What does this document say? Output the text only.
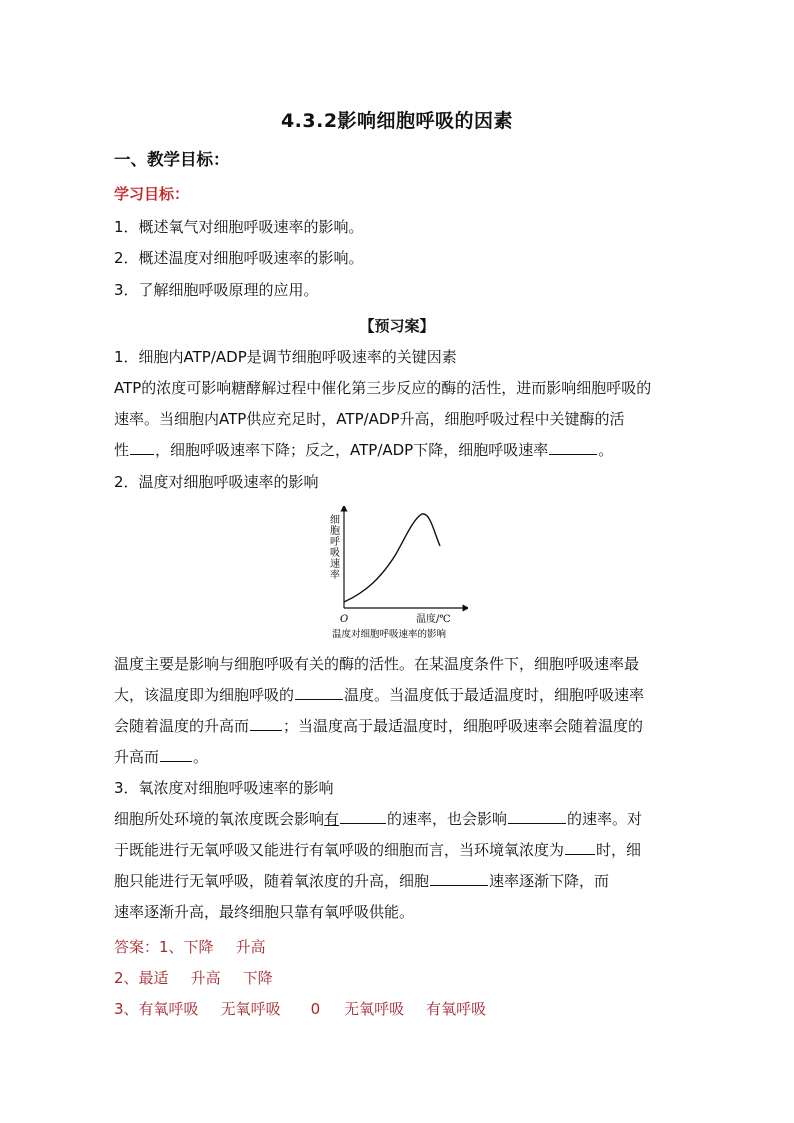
4.3.2影响细胞呼吸的因素
一、教学目标：
学习目标：
1．概述氧气对细胞呼吸速率的影响。
2．概述温度对细胞呼吸速率的影响。
3．了解细胞呼吸原理的应用。
【预习案】
1．细胞内ATP/ADP是调节细胞呼吸速率的关键因素
ATP的浓度可影响糖酵解过程中催化第三步反应的酶的活性，进而影响细胞呼吸的
速率。当细胞内ATP供应充足时，ATP/ADP升高，细胞呼吸过程中关键酶的活
性 ，细胞呼吸速率下降；反之，ATP/ADP下降，细胞呼吸速率	。
2．温度对细胞呼吸速率的影响
细胞呼吸速率
O	温度/℃
温度对细胞呼吸速率的影响
温度主要是影响与细胞呼吸有关的酶的活性。在某温度条件下，细胞呼吸速率最
大，该温度即为细胞呼吸的	温度。当温度低于最适温度时，细胞呼吸速率
会随着温度的升高而 ；当温度高于最适温度时，细胞呼吸速率会随着温度的
升高而 。
3．氧浓度对细胞呼吸速率的影响
细胞所处环境的氧浓度既会影响有	的速率，也会影响	的速率。对
于既能进行无氧呼吸又能进行有氧呼吸的细胞而言，当环境氧浓度为 时，细
胞只能进行无氧呼吸，随着氧浓度的升高，细胞	速率逐渐下降，而
速率逐渐升高，最终细胞只靠有氧呼吸供能。
答案：1、下降 升高
2、最适 升高 下降
3、有氧呼吸 无氧呼吸 0 无氧呼吸 有氧呼吸
